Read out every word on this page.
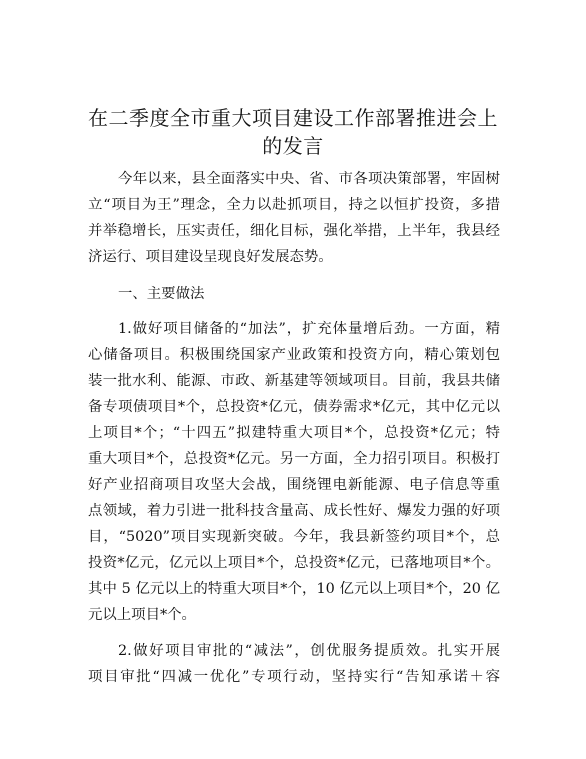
在二季度全市重大项目建设工作部署推进会上
的发言
今年以来，县全面落实中央、省、市各项决策部署，牢固树
立“项目为王”理念，全力以赴抓项目，持之以恒扩投资，多措
并举稳增长，压实责任，细化目标，强化举措，上半年，我县经
济运行、项目建设呈现良好发展态势。
一、主要做法
1.做好项目储备的“加法”，扩充体量增后劲。一方面，精
心储备项目。积极围绕国家产业政策和投资方向，精心策划包
装一批水利、能源、市政、新基建等领域项目。目前，我县共储
备专项债项目*个，总投资*亿元，债券需求*亿元，其中亿元以
上项目*个；“十四五”拟建特重大项目*个，总投资*亿元；特
重大项目*个，总投资*亿元。另一方面，全力招引项目。积极打
好产业招商项目攻坚大会战，围绕锂电新能源、电子信息等重
点领域，着力引进一批科技含量高、成长性好、爆发力强的好项
目，“5020”项目实现新突破。今年，我县新签约项目*个，总
投资*亿元，亿元以上项目*个，总投资*亿元，已落地项目*个。
其中 5 亿元以上的特重大项目*个，10 亿元以上项目*个，20 亿
元以上项目*个。
2.做好项目审批的“减法”，创优服务提质效。扎实开展
项目审批“四减一优化”专项行动，坚持实行“告知承诺＋容
